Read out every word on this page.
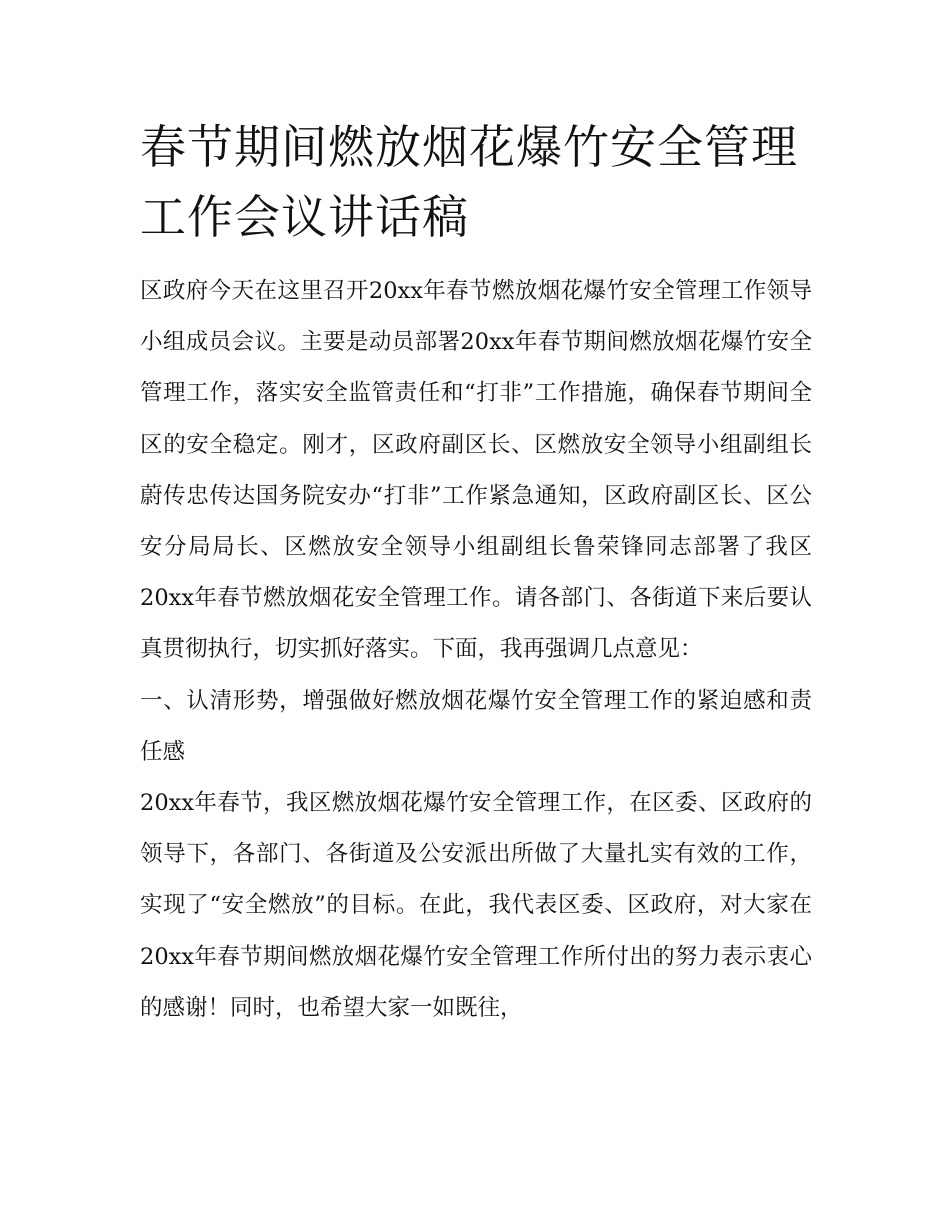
春节期间燃放烟花爆竹安全管理工作会议讲话稿

区政府今天在这里召开20xx年春节燃放烟花爆竹安全管理工作领导小组成员会议。主要是动员部署20xx年春节期间燃放烟花爆竹安全管理工作，落实安全监管责任和“打非”工作措施，确保春节期间全区的安全稳定。刚才，区政府副区长、区燃放安全领导小组副组长蔚传忠传达国务院安办“打非”工作紧急通知，区政府副区长、区公安分局局长、区燃放安全领导小组副组长鲁荣锋同志部署了我区20xx年春节燃放烟花安全管理工作。请各部门、各街道下来后要认真贯彻执行，切实抓好落实。下面，我再强调几点意见：

一、认清形势，增强做好燃放烟花爆竹安全管理工作的紧迫感和责任感

20xx年春节，我区燃放烟花爆竹安全管理工作，在区委、区政府的领导下，各部门、各街道及公安派出所做了大量扎实有效的工作，实现了“安全燃放”的目标。在此，我代表区委、区政府，对大家在20xx年春节期间燃放烟花爆竹安全管理工作所付出的努力表示衷心的感谢！同时，也希望大家一如既往，
